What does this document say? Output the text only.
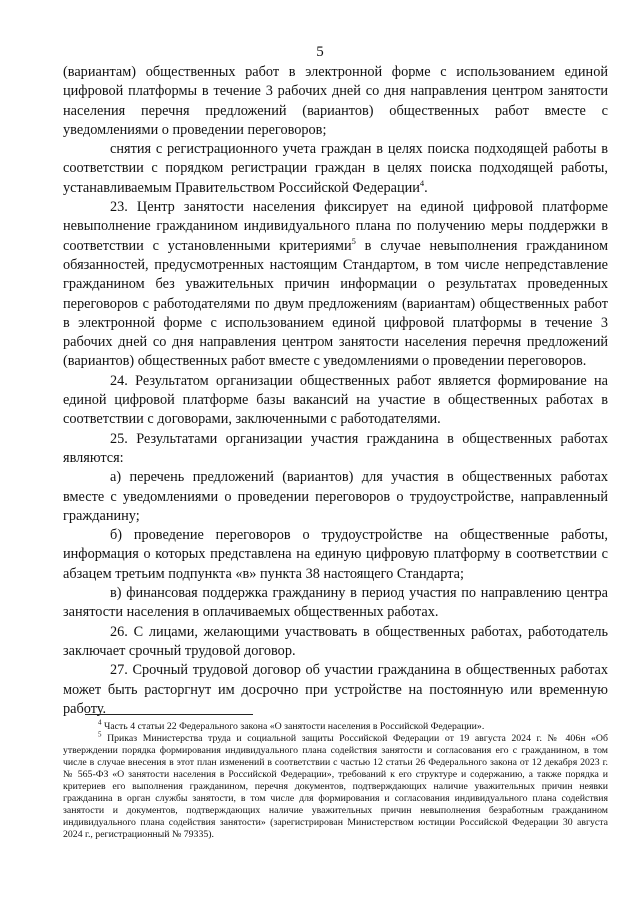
5

(вариантам) общественных работ в электронной форме с использованием единой цифровой платформы в течение 3 рабочих дней со дня направления центром занятости населения перечня предложений (вариантов) общественных работ вместе с уведомлениями о проведении переговоров;

снятия с регистрационного учета граждан в целях поиска подходящей работы в соответствии с порядком регистрации граждан в целях поиска подходящей работы, устанавливаемым Правительством Российской Федерации$^4$.

23. Центр занятости населения фиксирует на единой цифровой платформе невыполнение гражданином индивидуального плана по получению меры поддержки в соответствии с установленными критериями$^5$ в случае невыполнения гражданином обязанностей, предусмотренных настоящим Стандартом, в том числе непредставление гражданином без уважительных причин информации о результатах проведенных переговоров с работодателями по двум предложениям (вариантам) общественных работ в электронной форме с использованием единой цифровой платформы в течение 3 рабочих дней со дня направления центром занятости населения перечня предложений (вариантов) общественных работ вместе с уведомлениями о проведении переговоров.

24. Результатом организации общественных работ является формирование на единой цифровой платформе базы вакансий на участие в общественных работах в соответствии с договорами, заключенными с работодателями.

25. Результатами организации участия гражданина в общественных работах являются:

а) перечень предложений (вариантов) для участия в общественных работах вместе с уведомлениями о проведении переговоров о трудоустройстве, направленный гражданину;

б) проведение переговоров о трудоустройстве на общественные работы, информация о которых представлена на единую цифровую платформу в соответствии с абзацем третьим подпункта «в» пункта 38 настоящего Стандарта;

в) финансовая поддержка гражданину в период участия по направлению центра занятости населения в оплачиваемых общественных работах.

26. С лицами, желающими участвовать в общественных работах, работодатель заключает срочный трудовой договор.

27. Срочный трудовой договор об участии гражданина в общественных работах может быть расторгнут им досрочно при устройстве на постоянную или временную работу.

$^4$ Часть 4 статьи 22 Федерального закона «О занятости населения в Российской Федерации».

$^5$ Приказ Министерства труда и социальной защиты Российской Федерации от 19 августа 2024 г. № 406н «Об утверждении порядка формирования индивидуального плана содействия занятости и согласования его с гражданином, в том числе в случае внесения в этот план изменений в соответствии с частью 12 статьи 26 Федерального закона от 12 декабря 2023 г. № 565-ФЗ «О занятости населения в Российской Федерации», требований к его структуре и содержанию, а также порядка и критериев его выполнения гражданином, перечня документов, подтверждающих наличие уважительных причин неявки гражданина в орган службы занятости, в том числе для формирования и согласования индивидуального плана содействия занятости и документов, подтверждающих наличие уважительных причин невыполнения безработным гражданином индивидуального плана содействия занятости» (зарегистрирован Министерством юстиции Российской Федерации 30 августа 2024 г., регистрационный № 79335).
